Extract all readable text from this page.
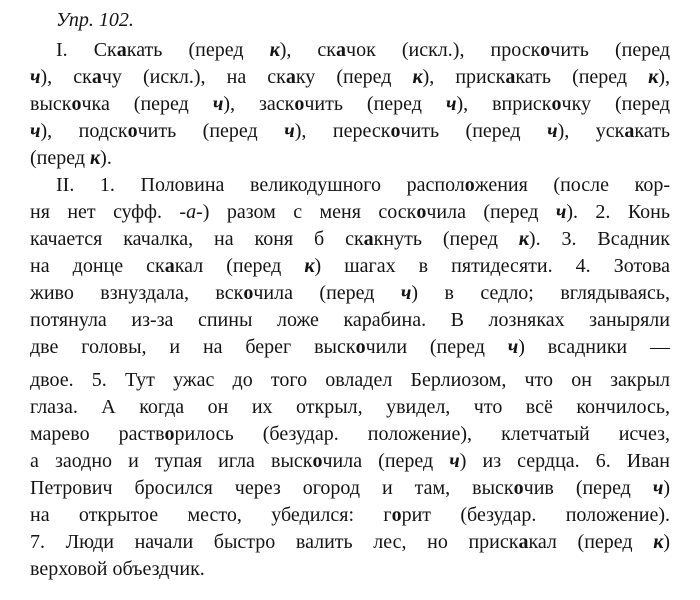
Упр. 102.
I. Скакать (перед к), скачок (искл.), проскочить (перед
ч), скачу (искл.), на скаку (перед к), прискакать (перед к),
выскочка (перед ч), заскочить (перед ч), вприскочку (перед
ч), подскочить (перед ч), перескочить (перед ч), ускакать
(перед к).
II. 1. Половина великодушного расположения (после кор-
ня нет суфф. -а-) разом с меня соскочила (перед ч). 2. Конь
качается качалка, на коня б скакнуть (перед к). 3. Всадник
на донце скакал (перед к) шагах в пятидесяти. 4. Зотова
живо взнуздала, вскочила (перед ч) в седло; вглядываясь,
потянула из-за спины ложе карабина. В лозняках заныряли
две головы, и на берег выскочили (перед ч) всадники —
двое. 5. Тут ужас до того овладел Берлиозом, что он закрыл
глаза. А когда он их открыл, увидел, что всё кончилось,
марево растворилось (безудар. положение), клетчатый исчез,
а заодно и тупая игла выскочила (перед ч) из сердца. 6. Иван
Петрович бросился через огород и там, выскочив (перед ч)
на открытое место, убедился: горит (безудар. положение).
7. Люди начали быстро валить лес, но прискакал (перед к)
верховой объездчик.
